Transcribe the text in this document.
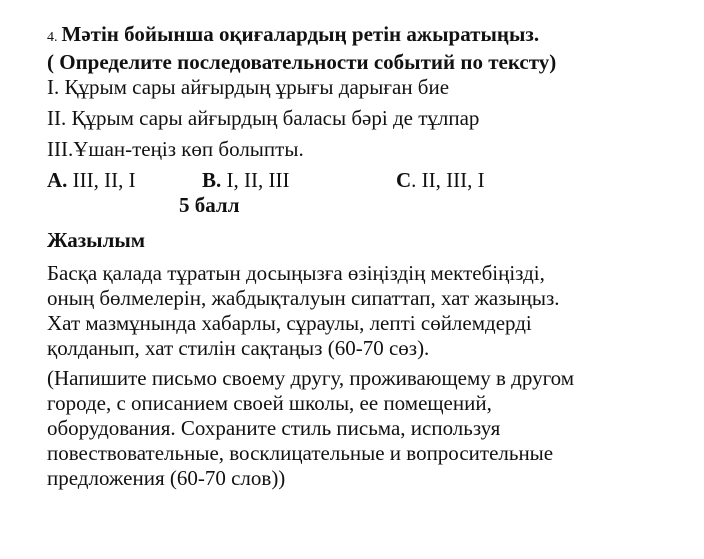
4. Мәтін бойынша оқиғалардың ретін ажыратыңыз.
( Определите последовательности событий по тексту)
I. Құрым сары айғырдың ұрығы дарыған бие
II. Құрым сары айғырдың баласы бәрі де тұлпар
III.Ұшан-теңіз көп болыпты.
A. III, II, I	B. I, II, III	C. II, III, I
5 балл
Жазылым
Басқа қалада тұратын досыңызға өзіңіздің мектебіңізді,
оның бөлмелерін, жабдықталуын сипаттап, хат жазыңыз.
Хат мазмұнында хабарлы, сұраулы, лепті сөйлемдерді
қолданып, хат стилін сақтаңыз (60-70 сөз).
(Напишите письмо своему другу, проживающему в другом
городе, с описанием своей школы, ее помещений,
оборудования. Сохраните стиль письма, используя
повествовательные, восклицательные и вопросительные
предложения (60-70 слов))
